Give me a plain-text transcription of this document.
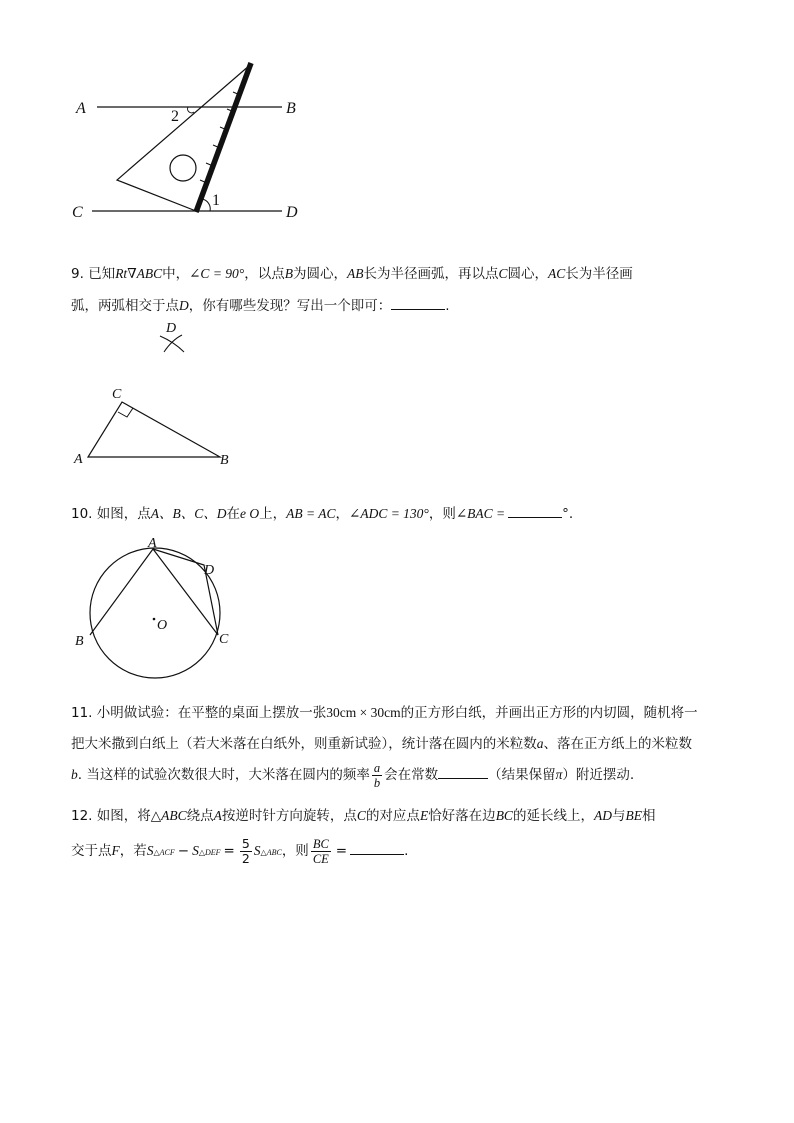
A	B
C	D
1
2
9. 已知Rt∇ABC中，∠C = 90°，以点B为圆心，AB长为半径画弧，再以点C圆心，AC长为半径画
弧，两弧相交于点D，你有哪些发现？写出一个即可：	.
D
C
A	B
10. 如图，点A、B、C、D在e O上，AB = AC，∠ADC = 130°，则∠BAC =	°.
A
B	C
D
O
11. 小明做试验：在平整的桌面上摆放一张30cm × 30cm的正方形白纸，并画出正方形的内切圆，随机将一
把大米撒到白纸上（若大米落在白纸外，则重新试验），统计落在圆内的米粒数a、落在正方纸上的米粒数
b. 当这样的试验次数很大时，大米落在圆内的频率 $\frac{a}{b}$ 会在常数	（结果保留π）附近摆动.
12. 如图，将△ABC绕点A按逆时针方向旋转，点C的对应点E恰好落在边BC的延长线上，AD与BE相
交于点F，若S△ACF − S△DEF = $\frac{5}{2}$ S△ABC，则 $\frac{BC}{CE}$ =	.
